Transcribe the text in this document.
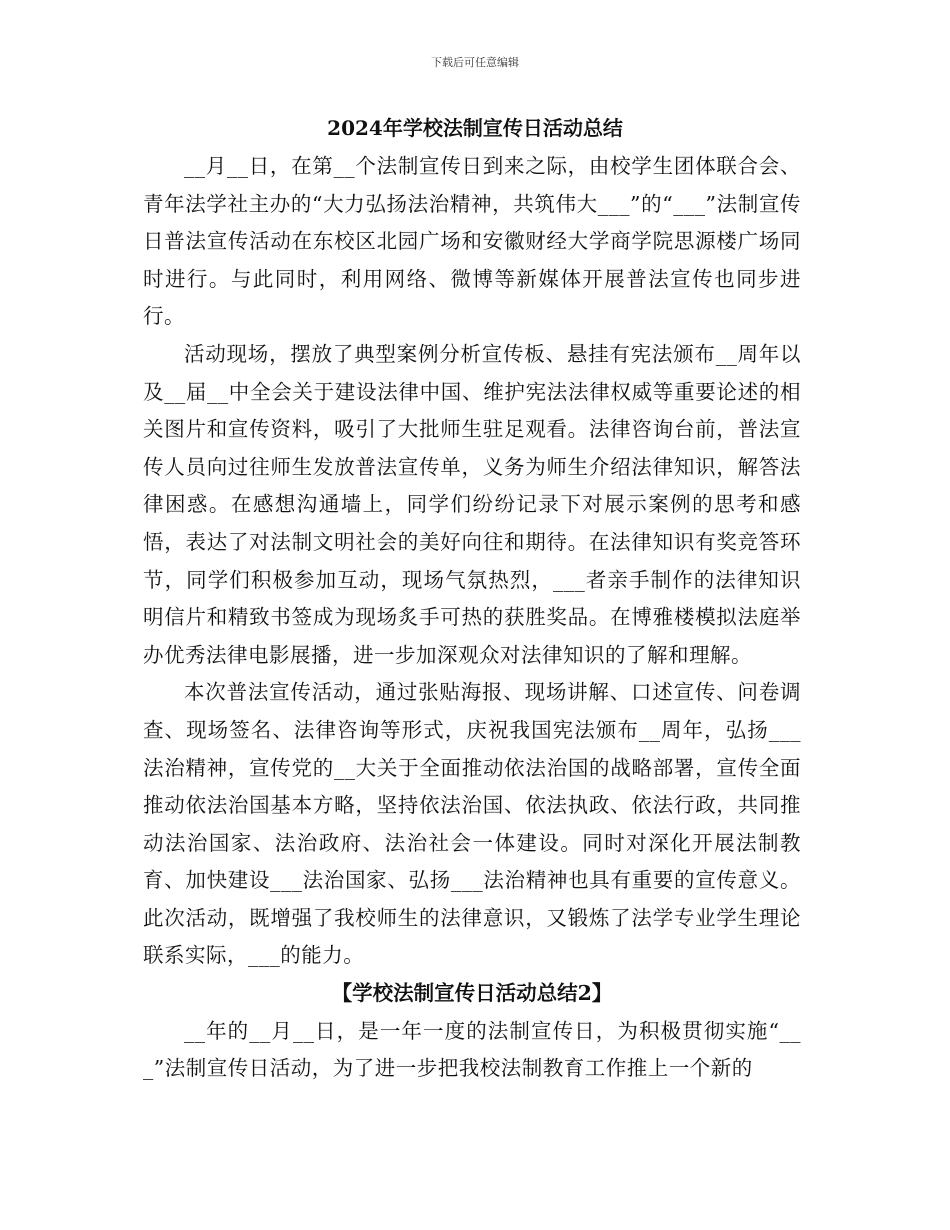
下载后可任意编辑
2024年学校法制宣传日活动总结

__月__日，在第__个法制宣传日到来之际，由校学生团体联合会、青年法学社主办的“大力弘扬法治精神，共筑伟大___”的“___”法制宣传日普法宣传活动在东校区北园广场和安徽财经大学商学院思源楼广场同时进行。与此同时，利用网络、微博等新媒体开展普法宣传也同步进行。

活动现场，摆放了典型案例分析宣传板、悬挂有宪法颁布__周年以及__届__中全会关于建设法律中国、维护宪法法律权威等重要论述的相关图片和宣传资料，吸引了大批师生驻足观看。法律咨询台前，普法宣传人员向过往师生发放普法宣传单，义务为师生介绍法律知识，解答法律困惑。在感想沟通墙上，同学们纷纷记录下对展示案例的思考和感悟，表达了对法制文明社会的美好向往和期待。在法律知识有奖竞答环节，同学们积极参加互动，现场气氛热烈，___者亲手制作的法律知识明信片和精致书签成为现场炙手可热的获胜奖品。在博雅楼模拟法庭举办优秀法律电影展播，进一步加深观众对法律知识的了解和理解。

本次普法宣传活动，通过张贴海报、现场讲解、口述宣传、问卷调查、现场签名、法律咨询等形式，庆祝我国宪法颁布__周年，弘扬___法治精神，宣传党的__大关于全面推动依法治国的战略部署，宣传全面推动依法治国基本方略，坚持依法治国、依法执政、依法行政，共同推动法治国家、法治政府、法治社会一体建设。同时对深化开展法制教育、加快建设___法治国家、弘扬___法治精神也具有重要的宣传意义。此次活动，既增强了我校师生的法律意识，又锻炼了法学专业学生理论联系实际，___的能力。

【学校法制宣传日活动总结2】

__年的__月__日，是一年一度的法制宣传日，为积极贯彻实施“___”法制宣传日活动，为了进一步把我校法制教育工作推上一个新的
